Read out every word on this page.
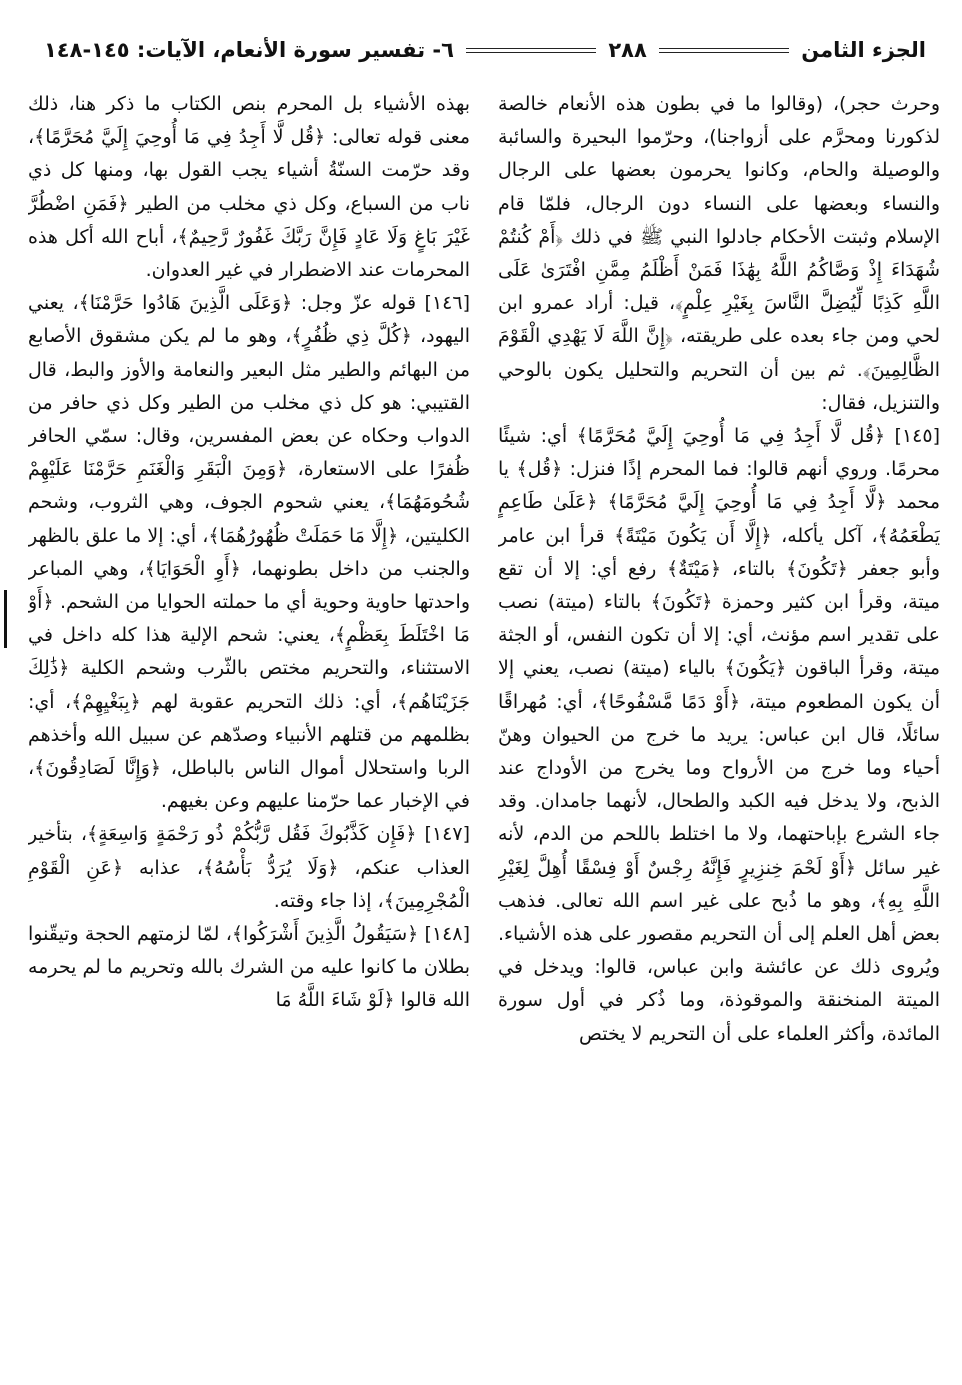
الجزء الثامن
٢٨٨
٦- تفسير سورة الأنعام، الآيات: ١٤٥-١٤٨

وحرث حجر)، (وقالوا ما في بطون هذه الأنعام خالصة لذكورنا ومحرَّم على أزواجنا)، وحرّموا البحيرة والسائبة والوصيلة والحام، وكانوا يحرمون بعضها على الرجال والنساء وبعضها على النساء دون الرجال، فلمّا قام الإسلام وثبتت الأحكام جادلوا النبي ﷺ في ذلك ﴿أَمْ كُنتُمْ شُهَدَاءَ إِذْ وَصَّاكُمُ اللَّهُ بِهَٰذَا فَمَنْ أَظْلَمُ مِمَّنِ افْتَرَىٰ عَلَى اللَّهِ كَذِبًا لِّيُضِلَّ النَّاسَ بِغَيْرِ عِلْمٍ﴾، قيل: أراد عمرو ابن لحي ومن جاء بعده على طريقته، ﴿إِنَّ اللَّهَ لَا يَهْدِي الْقَوْمَ الظَّالِمِينَ﴾. ثم بين أن التحريم والتحليل يكون بالوحي والتنزيل، فقال:

[١٤٥] ﴿قُل لَّا أَجِدُ فِي مَا أُوحِيَ إِلَيَّ مُحَرَّمًا﴾ أي: شيئًا محرمًا. وروي أنهم قالوا: فما المحرم إذًا فنزل: ﴿قُل﴾ يا محمد ﴿لَّا أَجِدُ فِي مَا أُوحِيَ إِلَيَّ مُحَرَّمًا﴾ ﴿عَلَىٰ طَاعِمٍ يَطْعَمُهُ﴾، آكل يأكله، ﴿إِلَّا أَن يَكُونَ مَيْتَةً﴾ قرأ ابن عامر وأبو جعفر ﴿تَكُونَ﴾ بالتاء، ﴿مَيْتَةٌ﴾ رفع أي: إلا أن تقع ميتة، وقرأ ابن كثير وحمزة ﴿تَكُونَ﴾ بالتاء (ميتة) نصب على تقدير اسم مؤنث، أي: إلا أن تكون النفس، أو الجثة ميتة، وقرأ الباقون ﴿يَكُونَ﴾ بالياء (ميتة) نصب، يعني إلا أن يكون المطعوم ميتة، ﴿أَوْ دَمًا مَّسْفُوحًا﴾، أي: مُهراقًا سائلًا، قال ابن عباس: يريد ما خرج من الحيوان وهنّ أحياء وما خرج من الأرواح وما يخرج من الأوداج عند الذبح، ولا يدخل فيه الكبد والطحال، لأنهما جامدان. وقد جاء الشرع بإباحتهما، ولا ما اختلط باللحم من الدم، لأنه غير سائل ﴿أَوْ لَحْمَ خِنزِيرٍ فَإِنَّهُ رِجْسٌ أَوْ فِسْقًا أُهِلَّ لِغَيْرِ اللَّهِ بِهِ﴾، وهو ما ذُبح على غير اسم الله تعالى. فذهب بعض أهل العلم إلى أن التحريم مقصور على هذه الأشياء. ويُروى ذلك عن عائشة وابن عباس، قالوا: ويدخل في الميتة المنخنقة والموقوذة، وما ذُكر في أول سورة المائدة، وأكثر العلماء على أن التحريم لا يختص

بهذه الأشياء بل المحرم بنص الكتاب ما ذكر هنا، ذلك معنى قوله تعالى: ﴿قُل لَّا أَجِدُ فِي مَا أُوحِيَ إِلَيَّ مُحَرَّمًا﴾، وقد حرّمت السنّةُ أشياء يجب القول بها، ومنها كل ذي ناب من السباع، وكل ذي مخلب من الطير ﴿فَمَنِ اضْطُرَّ غَيْرَ بَاغٍ وَلَا عَادٍ فَإِنَّ رَبَّكَ غَفُورٌ رَّحِيمٌ﴾، أباح الله أكل هذه المحرمات عند الاضطرار في غير العدوان.

[١٤٦] قوله عزّ وجل: ﴿وَعَلَى الَّذِينَ هَادُوا حَرَّمْنَا﴾، يعني اليهود، ﴿كُلَّ ذِي ظُفُرٍ﴾، وهو ما لم يكن مشقوق الأصابع من البهائم والطير مثل البعير والنعامة والأوز والبط، قال القتيبي: هو كل ذي مخلب من الطير وكل ذي حافر من الدواب وحكاه عن بعض المفسرين، وقال: سمّي الحافر ظُفرًا على الاستعارة، ﴿وَمِنَ الْبَقَرِ وَالْغَنَمِ حَرَّمْنَا عَلَيْهِمْ شُحُومَهُمَا﴾، يعني شحوم الجوف، وهي الثروب، وشحم الكليتين، ﴿إِلَّا مَا حَمَلَتْ ظُهُورُهُمَا﴾، أي: إلا ما علق بالظهر والجنب من داخل بطونهما، ﴿أَوِ الْحَوَايَا﴾، وهي المباعر واحدتها حاوية وحوية أي ما حملته الحوايا من الشحم. ﴿أَوْ مَا اخْتَلَطَ بِعَظْمٍ﴾، يعني: شحم الإلية هذا كله داخل في الاستثناء، والتحريم مختص بالثّرب وشحم الكلية ﴿ذَٰلِكَ جَزَيْنَاهُم﴾، أي: ذلك التحريم عقوبة لهم ﴿بِبَغْيِهِمْ﴾، أي: بظلمهم من قتلهم الأنبياء وصدّهم عن سبيل الله وأخذهم الربا واستحلال أموال الناس بالباطل، ﴿وَإِنَّا لَصَادِقُونَ﴾، في الإخبار عما حرّمنا عليهم وعن بغيهم.

[١٤٧] ﴿فَإِن كَذَّبُوكَ فَقُل رَّبُّكُمْ ذُو رَحْمَةٍ وَاسِعَةٍ﴾، بتأخير العذاب عنكم، ﴿وَلَا يُرَدُّ بَأْسُهُ﴾، عذابه ﴿عَنِ الْقَوْمِ الْمُجْرِمِينَ﴾، إذا جاء وقته.

[١٤٨] ﴿سَيَقُولُ الَّذِينَ أَشْرَكُوا﴾، لمّا لزمتهم الحجة وتيقّنوا بطلان ما كانوا عليه من الشرك بالله وتحريم ما لم يحرمه الله قالوا ﴿لَوْ شَاءَ اللَّهُ مَا
